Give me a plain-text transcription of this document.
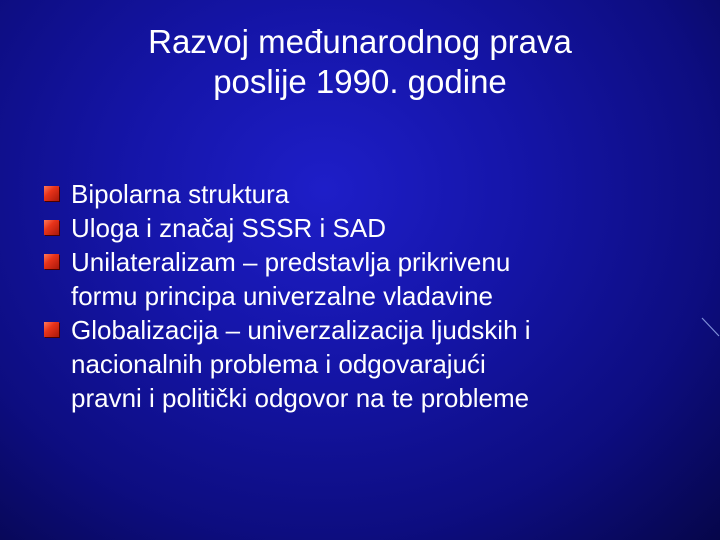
Razvoj međunarodnog prava
poslije 1990. godine
Bipolarna struktura
Uloga i značaj SSSR i SAD
Unilateralizam – predstavlja prikrivenu
formu principa univerzalne vladavine
Globalizacija – univerzalizacija ljudskih i
nacionalnih problema i odgovarajući
pravni i politički odgovor na te probleme
